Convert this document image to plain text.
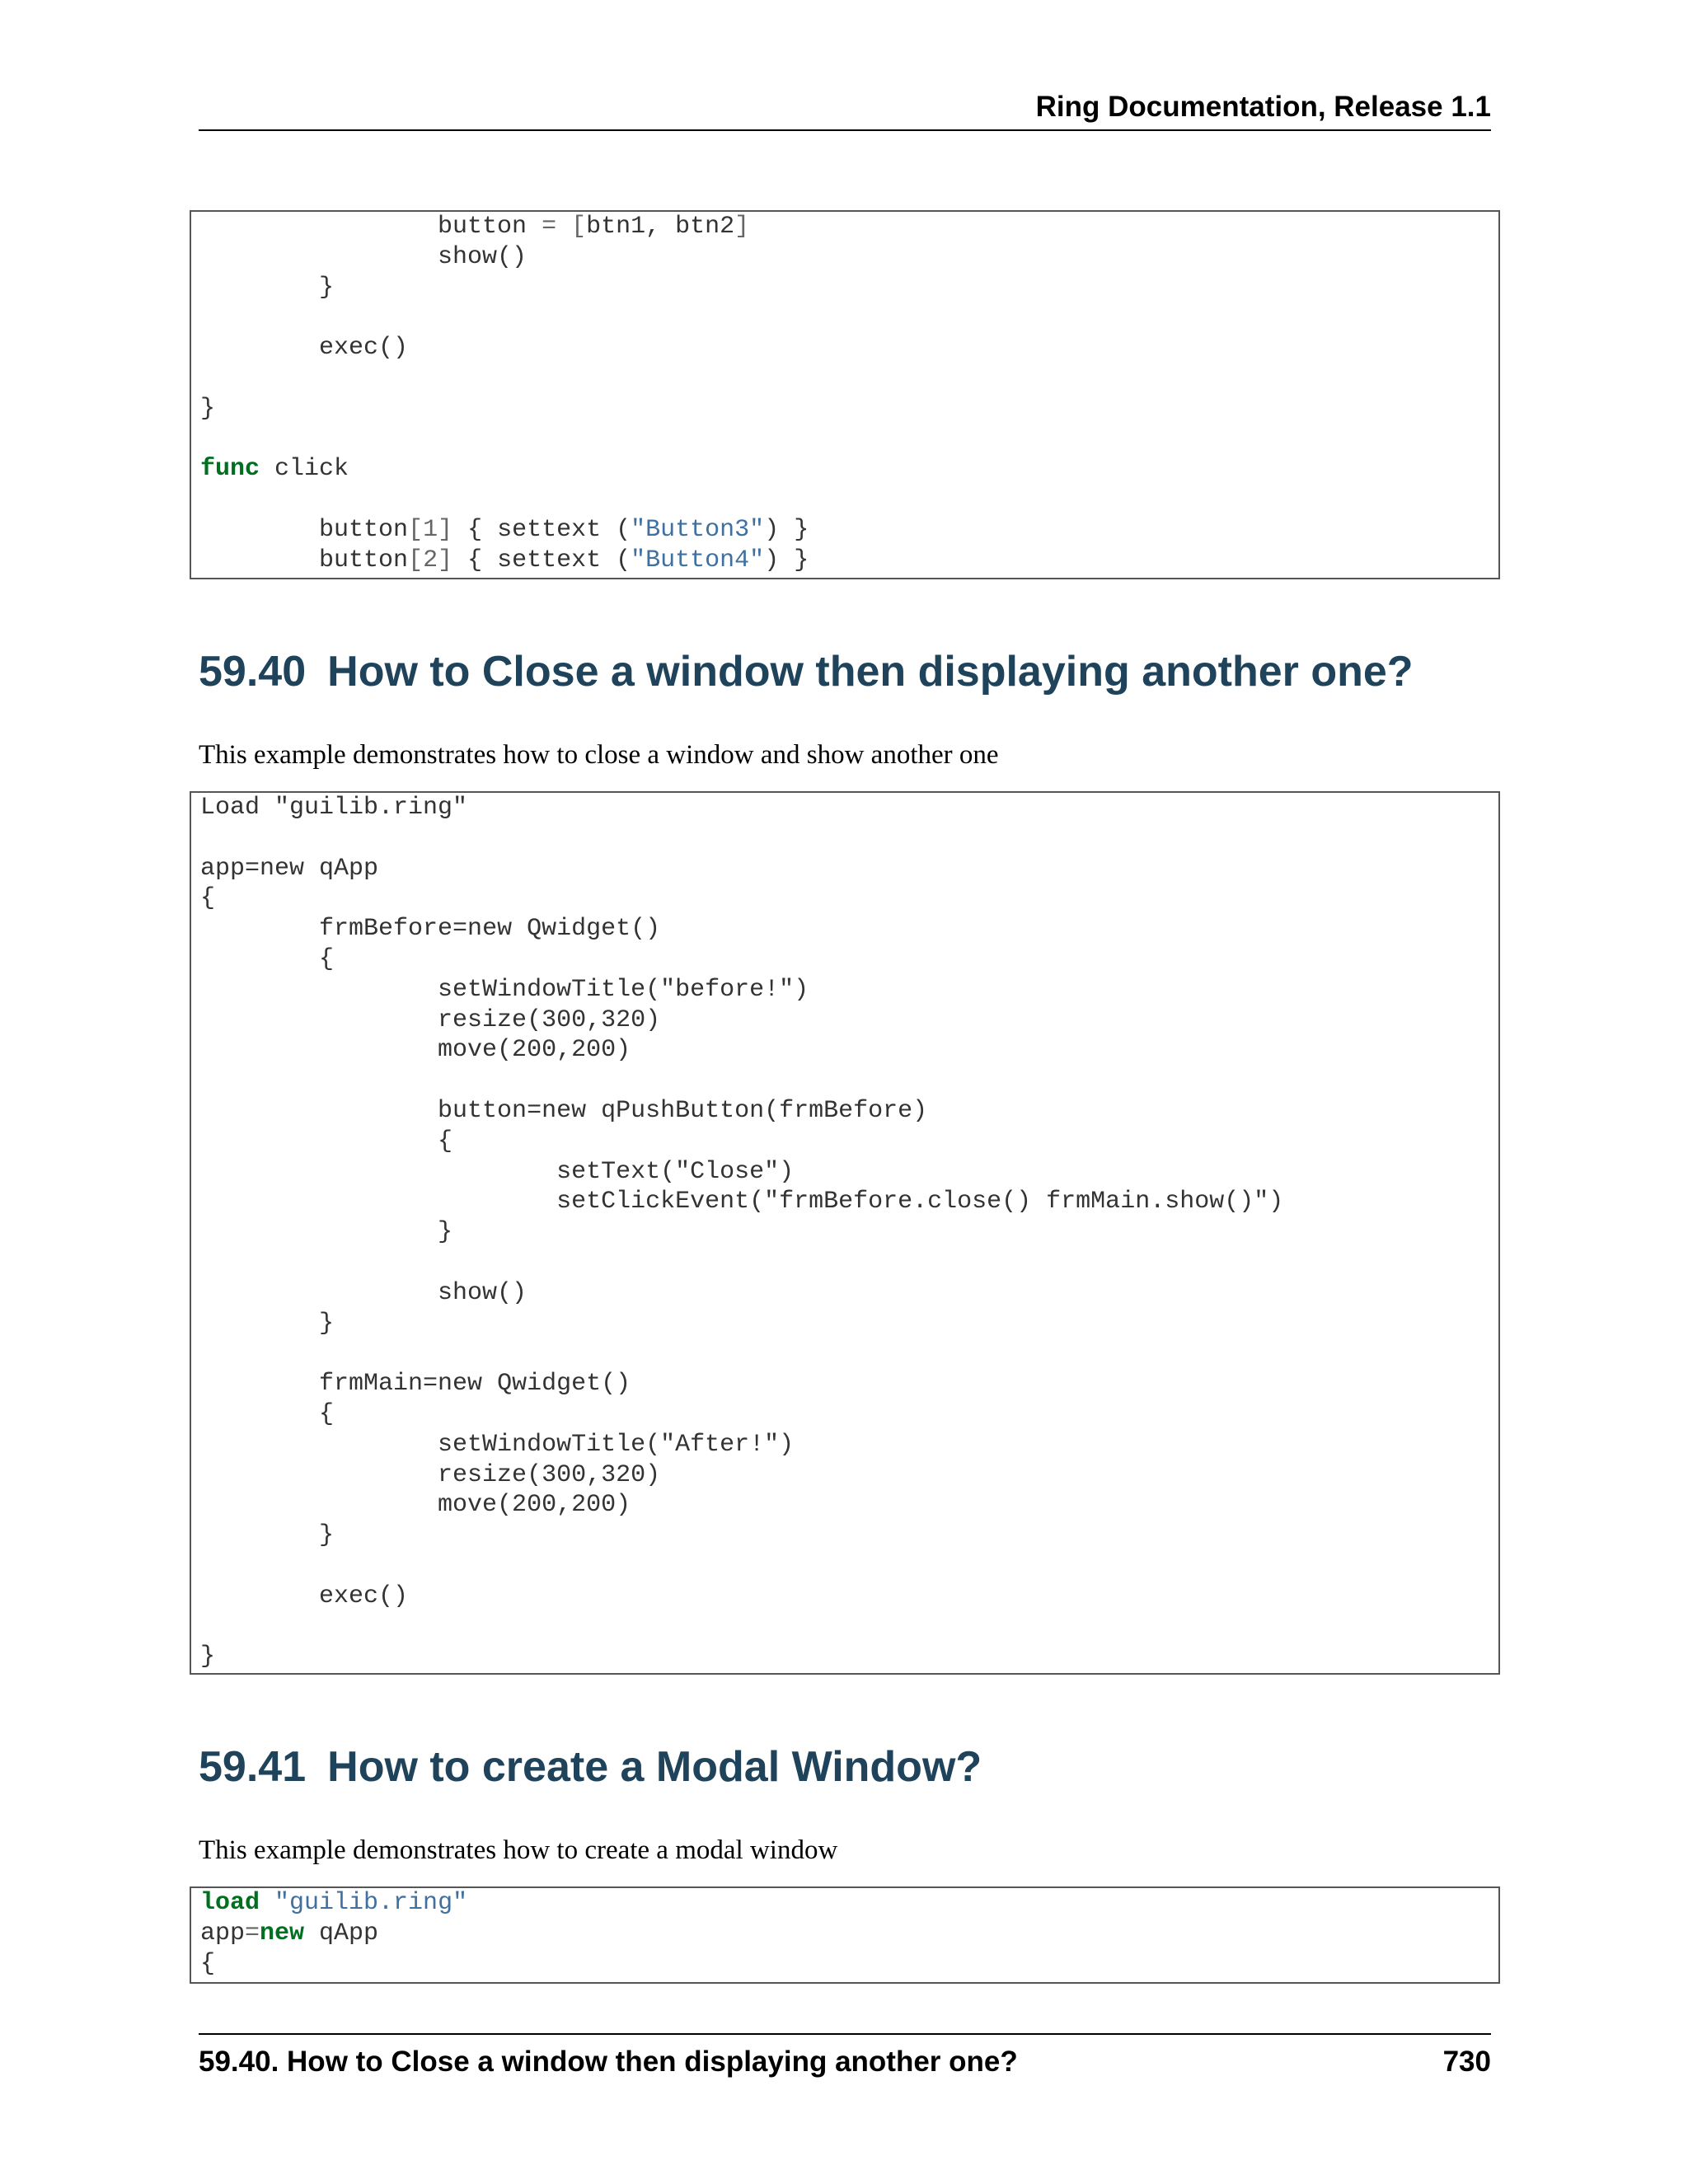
Ring Documentation, Release 1.1
		button = [btn1, btn2]
		show()
	}
	exec()
}
func click
	button[1] { settext ("Button3") }
	button[2] { settext ("Button4") }
59.40 How to Close a window then displaying another one?

This example demonstrates how to close a window and show another one

Load "guilib.ring"
app=new qApp
{
	frmBefore=new Qwidget()
	{
		setWindowTitle("before!")
		resize(300,320)
		move(200,200)
		button=new qPushButton(frmBefore)
		{
			setText("Close")
			setClickEvent("frmBefore.close() frmMain.show()")
		}
		show()
	}
	frmMain=new Qwidget()
	{
		setWindowTitle("After!")
		resize(300,320)
		move(200,200)
	}
	exec()
}
59.41 How to create a Modal Window?

This example demonstrates how to create a modal window

load "guilib.ring"
app=new qApp
{
59.40. How to Close a window then displaying another one?	730
